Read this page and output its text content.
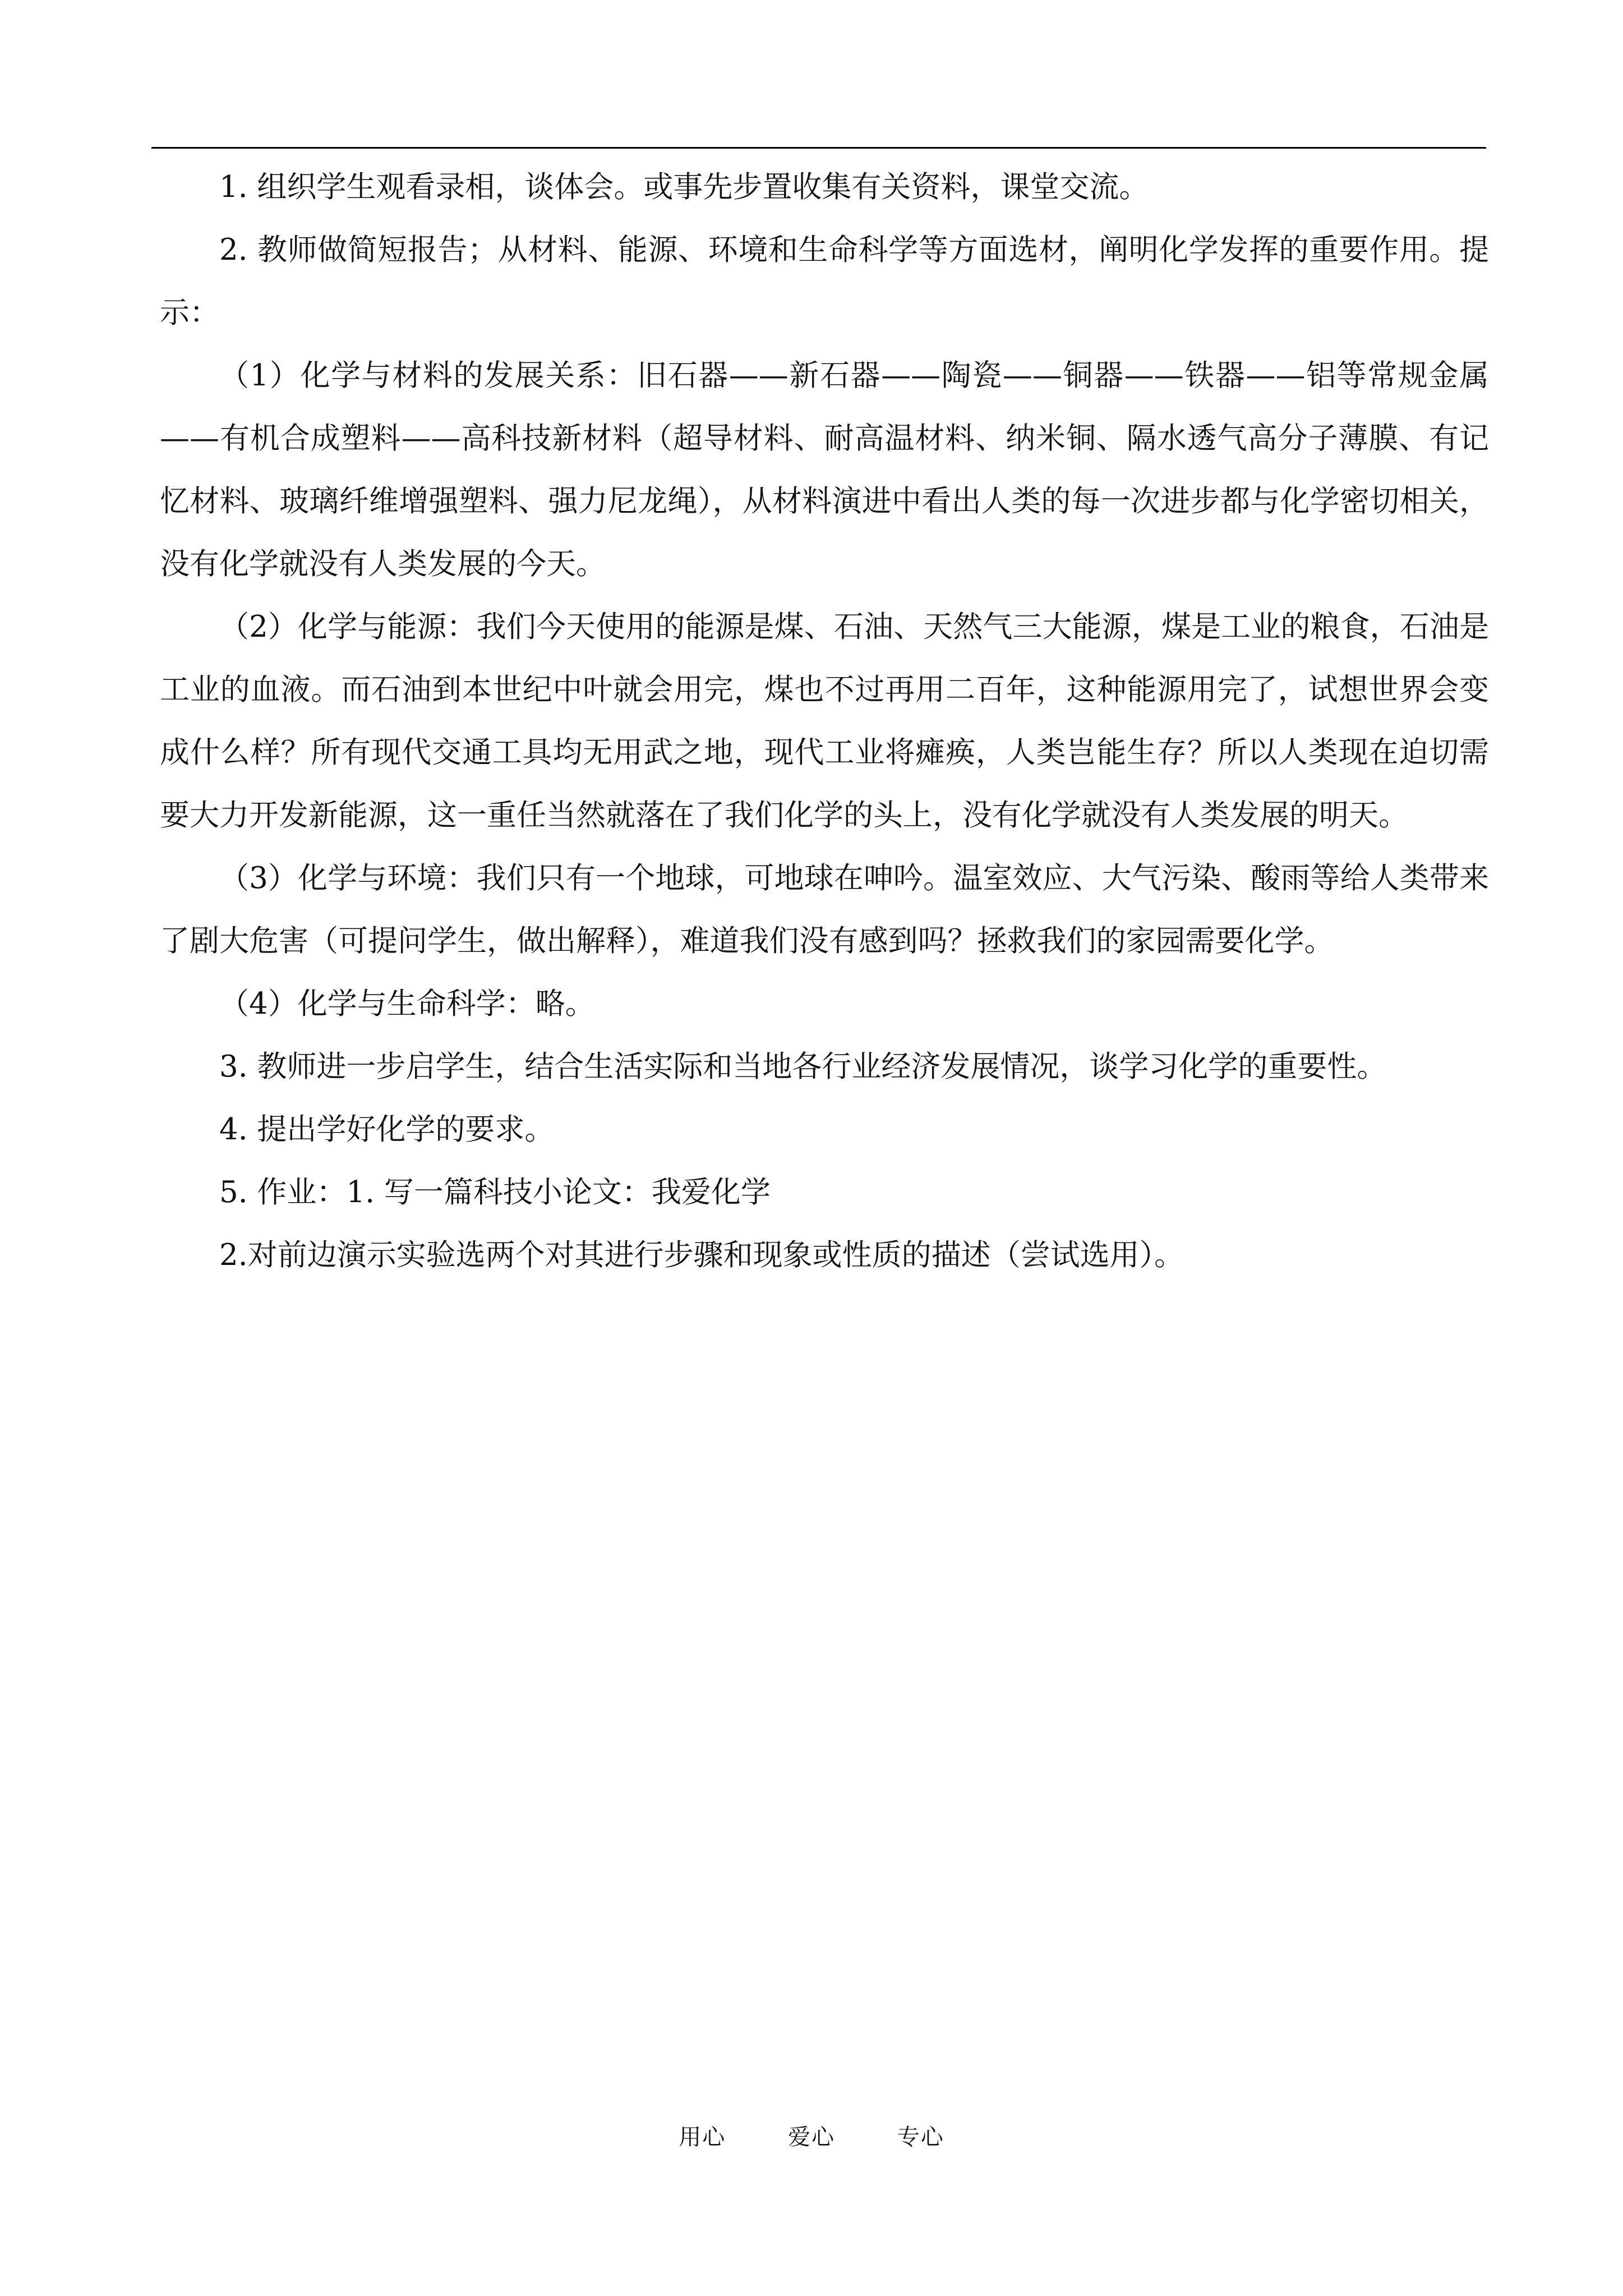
1. 组织学生观看录相，谈体会。或事先步置收集有关资料，课堂交流。

2. 教师做简短报告；从材料、能源、环境和生命科学等方面选材，阐明化学发挥的重要作用。提示：

（1）化学与材料的发展关系：旧石器——新石器——陶瓷——铜器——铁器——铝等常规金属——有机合成塑料——高科技新材料（超导材料、耐高温材料、纳米铜、隔水透气高分子薄膜、有记忆材料、玻璃纤维增强塑料、强力尼龙绳），从材料演进中看出人类的每一次进步都与化学密切相关，没有化学就没有人类发展的今天。

（2）化学与能源：我们今天使用的能源是煤、石油、天然气三大能源，煤是工业的粮食，石油是工业的血液。而石油到本世纪中叶就会用完，煤也不过再用二百年，这种能源用完了，试想世界会变成什么样？所有现代交通工具均无用武之地，现代工业将瘫痪，人类岂能生存？所以人类现在迫切需要大力开发新能源，这一重任当然就落在了我们化学的头上，没有化学就没有人类发展的明天。

（3）化学与环境：我们只有一个地球，可地球在呻吟。温室效应、大气污染、酸雨等给人类带来了剧大危害（可提问学生，做出解释），难道我们没有感到吗？拯救我们的家园需要化学。

（4）化学与生命科学：略。

3. 教师进一步启学生，结合生活实际和当地各行业经济发展情况，谈学习化学的重要性。

4. 提出学好化学的要求。

5. 作业：1. 写一篇科技小论文：我爱化学

2.对前边演示实验选两个对其进行步骤和现象或性质的描述（尝试选用）。

用心	爱心	专心
